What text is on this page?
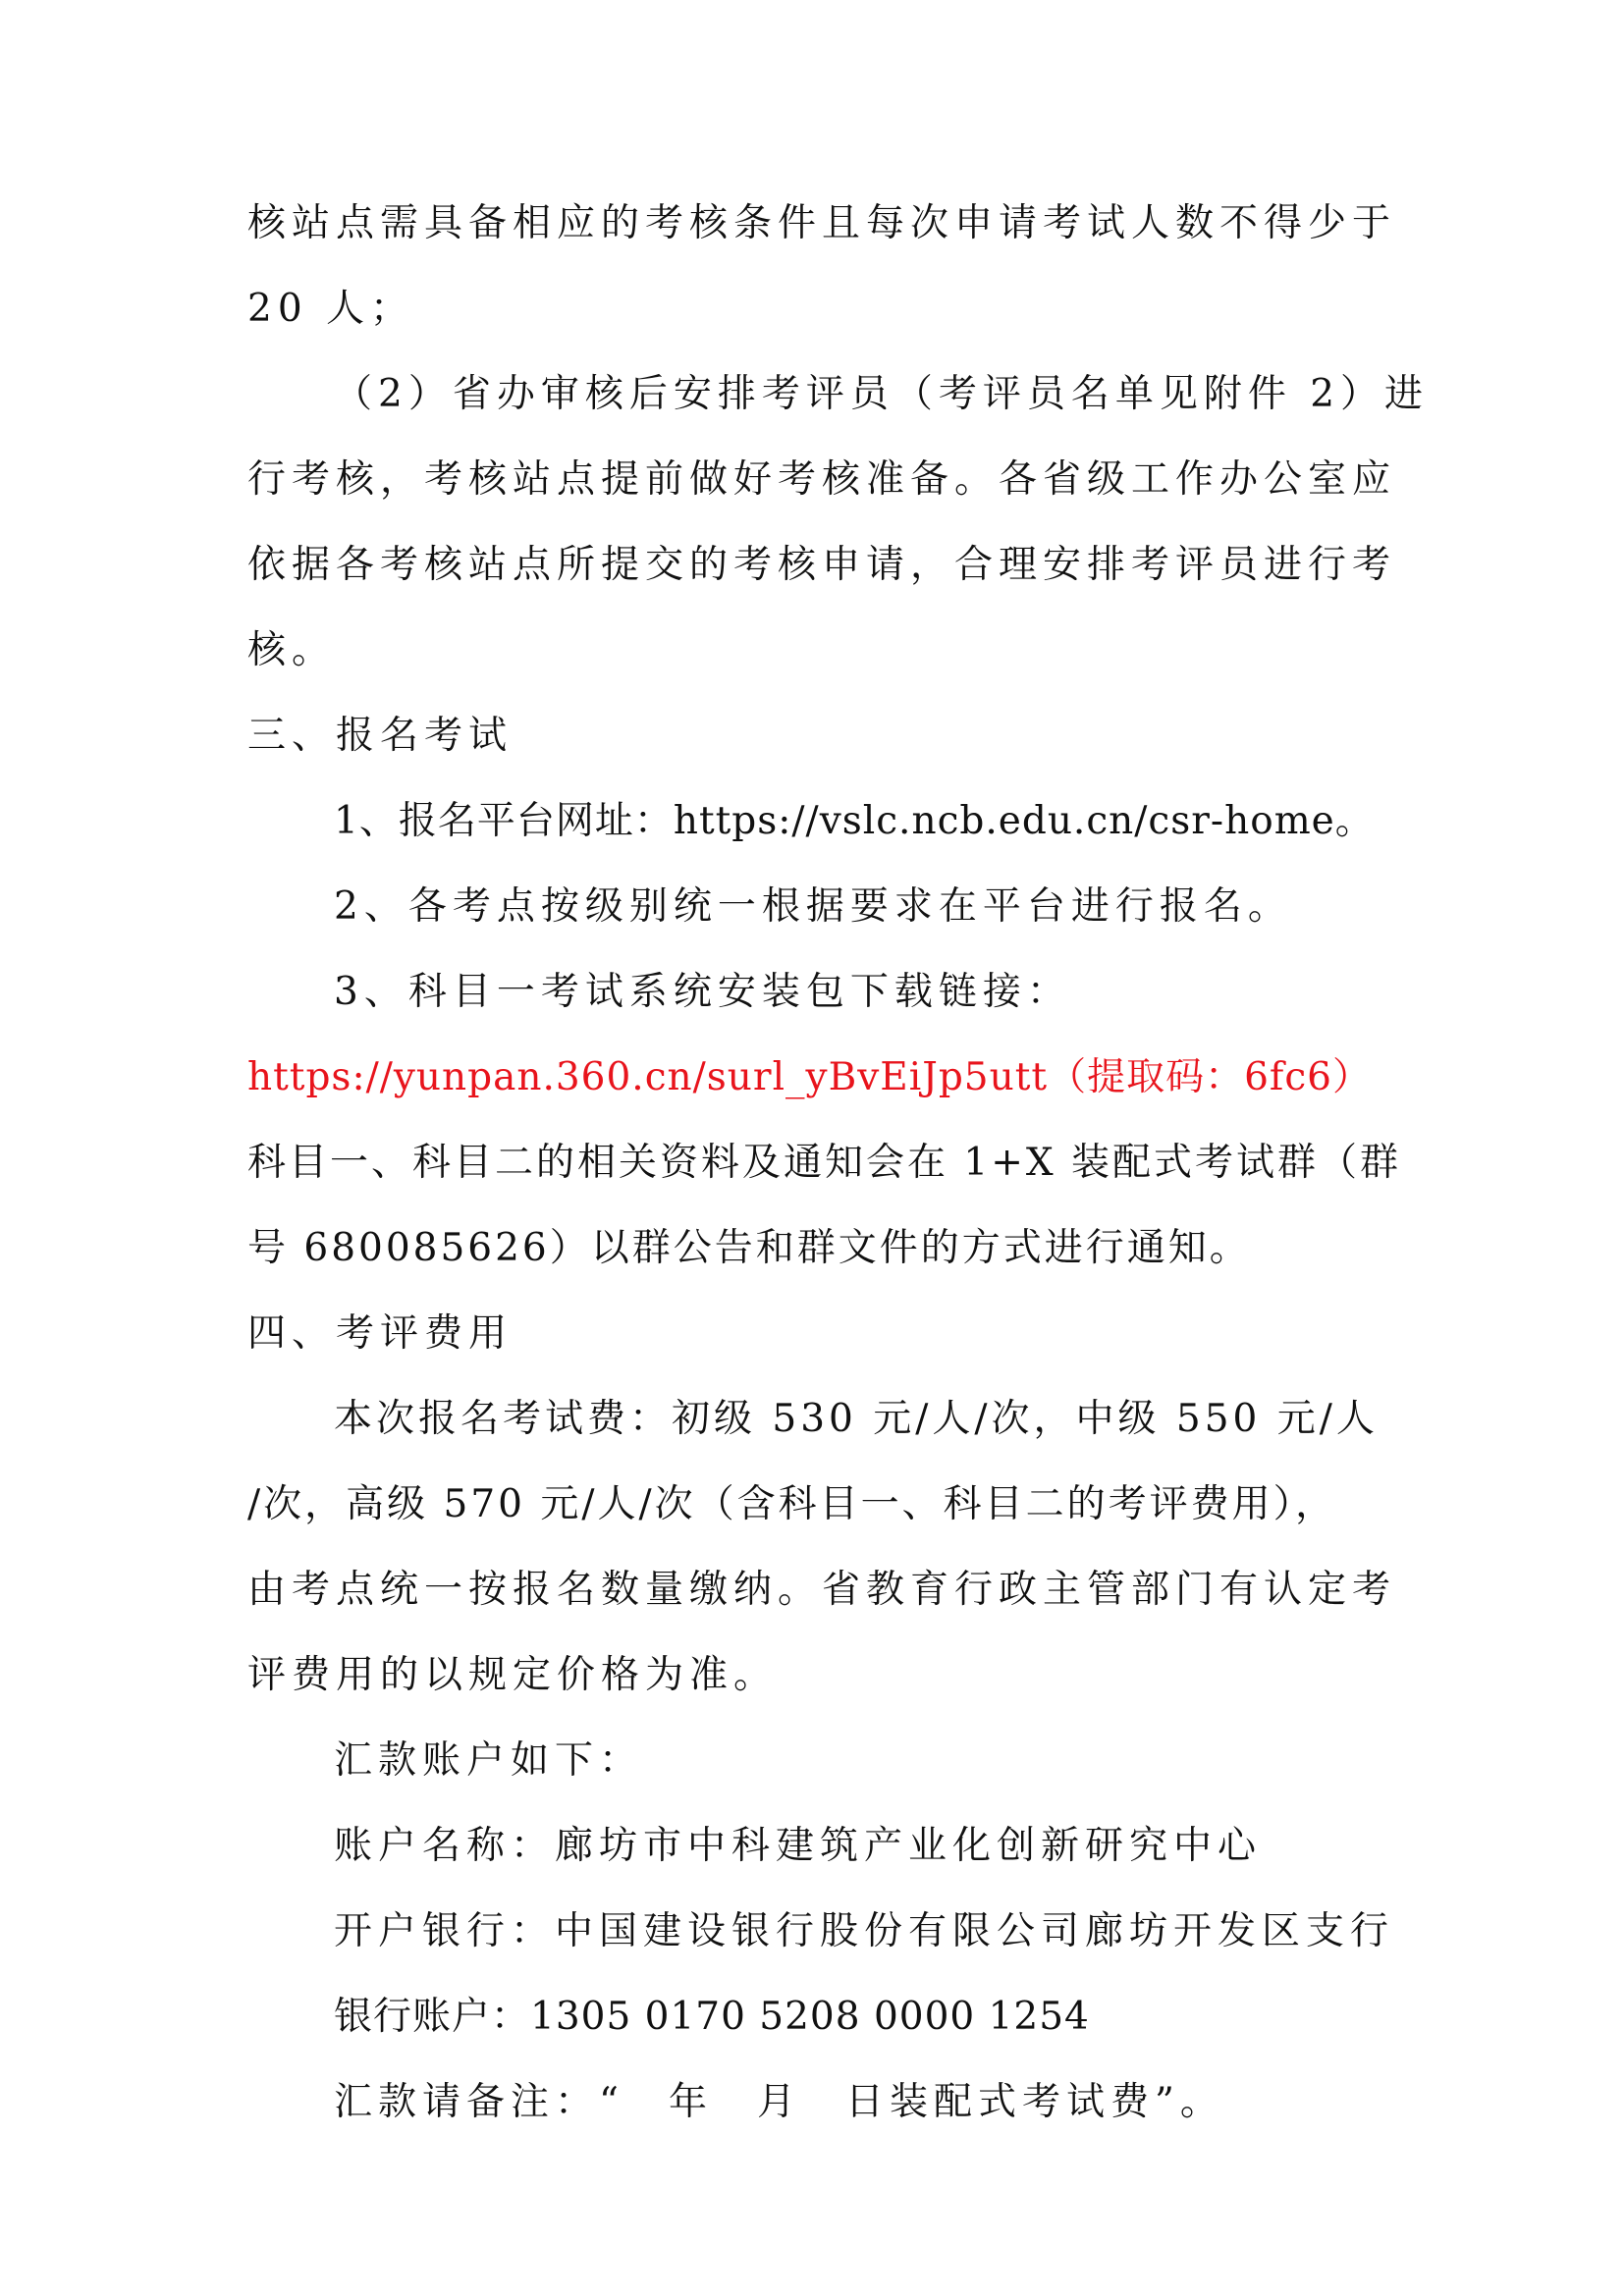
核站点需具备相应的考核条件且每次申请考试人数不得少于
20 人；
（2）省办审核后安排考评员（考评员名单见附件 2）进
行考核，考核站点提前做好考核准备。各省级工作办公室应
依据各考核站点所提交的考核申请，合理安排考评员进行考
核。
三、报名考试
1、报名平台网址：https://vslc.ncb.edu.cn/csr-home。
2、各考点按级别统一根据要求在平台进行报名。
3、科目一考试系统安装包下载链接：
https://yunpan.360.cn/surl_yBvEiJp5utt（提取码：6fc6）
科目一、科目二的相关资料及通知会在 1+X 装配式考试群（群
号 680085626）以群公告和群文件的方式进行通知。
四、考评费用
本次报名考试费：初级 530 元/人/次，中级 550 元/人
/次，高级 570 元/人/次（含科目一、科目二的考评费用），
由考点统一按报名数量缴纳。省教育行政主管部门有认定考
评费用的以规定价格为准。
汇款账户如下：
账户名称：廊坊市中科建筑产业化创新研究中心
开户银行：中国建设银行股份有限公司廊坊开发区支行
银行账户：1305 0170 5208 0000 1254
汇款请备注：“　年　月　日装配式考试费”。
